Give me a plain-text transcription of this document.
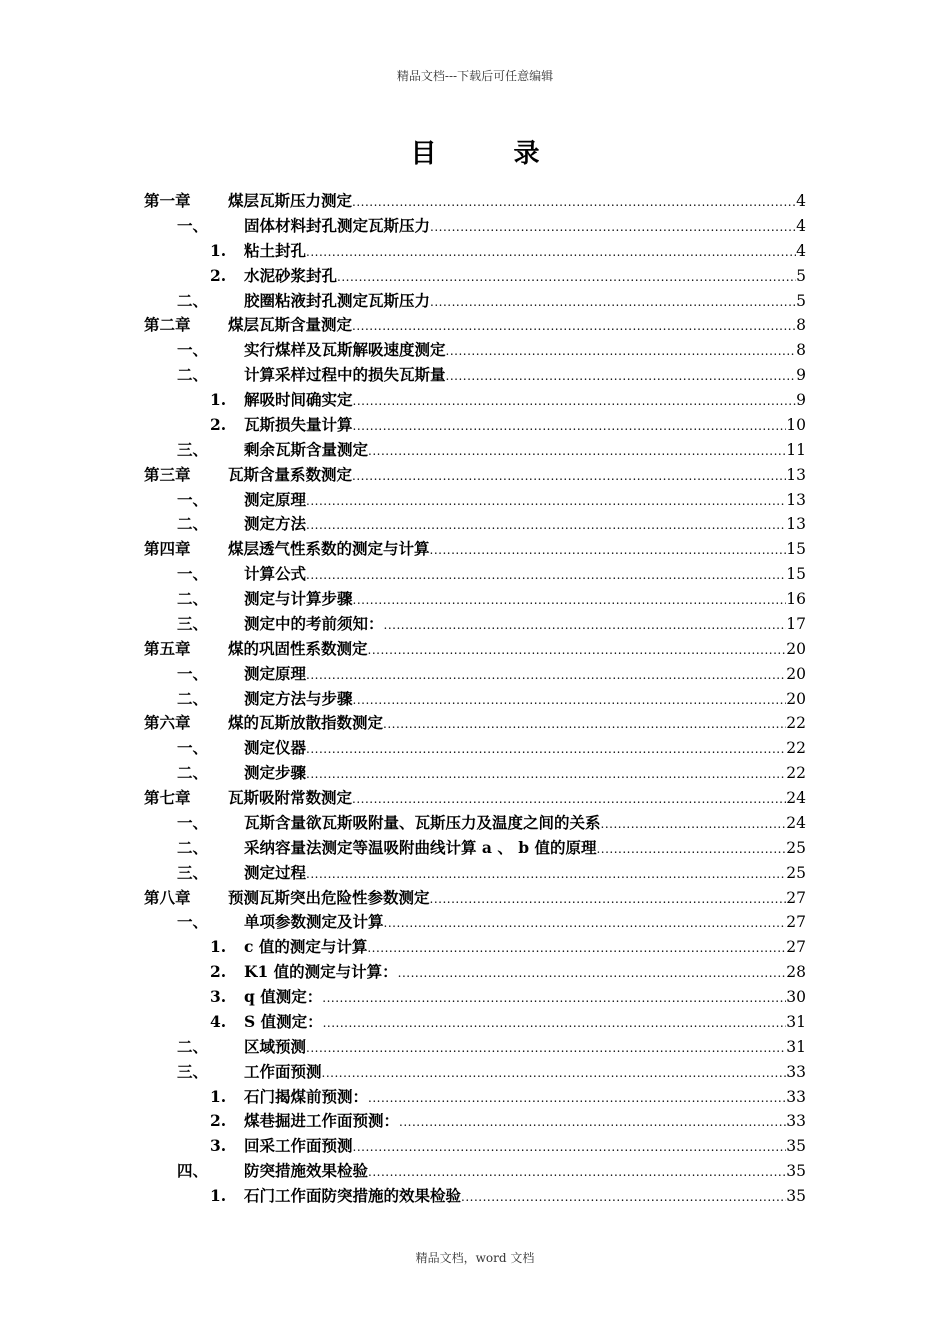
精品文档---下载后可任意编辑
目 录
第一章	煤层瓦斯压力测定 .....	4
一、	固体材料封孔测定瓦斯压力 .....	4
1.	粘土封孔 .....	4
2.	水泥砂浆封孔 .....	5
二、	胶圈粘液封孔测定瓦斯压力 .....	5
第二章	煤层瓦斯含量测定 .....	8
一、	实行煤样及瓦斯解吸速度测定 .....	8
二、	计算采样过程中的损失瓦斯量 .....	9
1.	解吸时间确实定 .....	9
2.	瓦斯损失量计算 .....	10
三、	剩余瓦斯含量测定 .....	11
第三章	瓦斯含量系数测定 .....	13
一、	测定原理 .....	13
二、	测定方法 .....	13
第四章	煤层透气性系数的测定与计算 .....	15
一、	计算公式 .....	15
二、	测定与计算步骤 .....	16
三、	测定中的考前须知： .....	17
第五章	煤的巩固性系数测定 .....	20
一、	测定原理 .....	20
二、	测定方法与步骤 .....	20
第六章	煤的瓦斯放散指数测定 .....	22
一、	测定仪器 .....	22
二、	测定步骤 .....	22
第七章	瓦斯吸附常数测定 .....	24
一、	瓦斯含量欲瓦斯吸附量、瓦斯压力及温度之间的关系 .....	24
二、	采纳容量法测定等温吸附曲线计算 a 、 b 值的原理 .....	25
三、	测定过程 .....	25
第八章	预测瓦斯突出危险性参数测定 .....	27
一、	单项参数测定及计算 .....	27
1.	c 值的测定与计算 .....	27
2.	K1 值的测定与计算： .....	28
3.	q 值测定： .....	30
4.	S 值测定： .....	31
二、	区域预测 .....	31
三、	工作面预测 .....	33
1.	石门揭煤前预测： .....	33
2.	煤巷掘进工作面预测： .....	33
3.	回采工作面预测 .....	35
四、	防突措施效果检验 .....	35
1.	石门工作面防突措施的效果检验 .....	35
精品文档，word 文档
